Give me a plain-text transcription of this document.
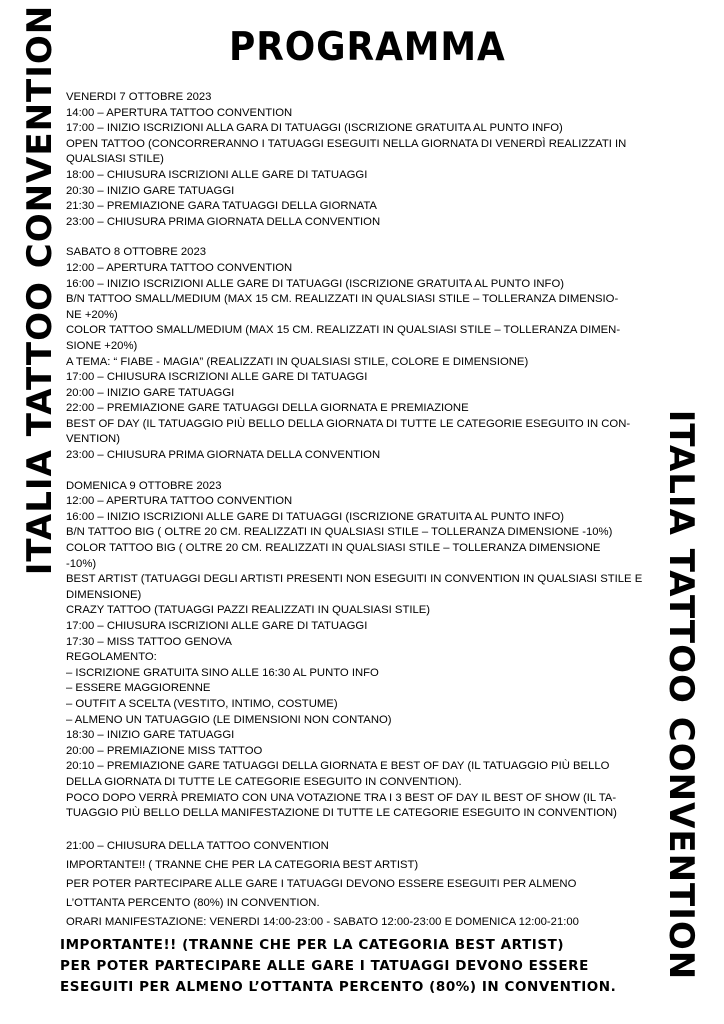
ITALIA TATTOO CONVENTION
ITALIA TATTOO CONVENTION
PROGRAMMA
VENERDI 7 OTTOBRE 2023
14:00 – APERTURA TATTOO CONVENTION
17:00 – INIZIO ISCRIZIONI ALLA GARA DI TATUAGGI (ISCRIZIONE GRATUITA AL PUNTO INFO)
OPEN TATTOO (CONCORRERANNO I TATUAGGI ESEGUITI NELLA GIORNATA DI VENERDÌ REALIZZATI IN
QUALSIASI STILE)
18:00 – CHIUSURA ISCRIZIONI ALLE GARE DI TATUAGGI
20:30 – INIZIO GARE TATUAGGI
21:30 – PREMIAZIONE GARA TATUAGGI DELLA GIORNATA
23:00 – CHIUSURA PRIMA GIORNATA DELLA CONVENTION
SABATO 8 OTTOBRE 2023
12:00 – APERTURA TATTOO CONVENTION
16:00 – INIZIO ISCRIZIONI ALLE GARE DI TATUAGGI (ISCRIZIONE GRATUITA AL PUNTO INFO)
B/N TATTOO SMALL/MEDIUM (MAX 15 CM. REALIZZATI IN QUALSIASI STILE – TOLLERANZA DIMENSIO-
NE +20%)
COLOR TATTOO SMALL/MEDIUM (MAX 15 CM. REALIZZATI IN QUALSIASI STILE – TOLLERANZA DIMEN-
SIONE +20%)
A TEMA: “ FIABE - MAGIA” (REALIZZATI IN QUALSIASI STILE, COLORE E DIMENSIONE)
17:00 – CHIUSURA ISCRIZIONI ALLE GARE DI TATUAGGI
20:00 – INIZIO GARE TATUAGGI
22:00 – PREMIAZIONE GARE TATUAGGI DELLA GIORNATA E PREMIAZIONE
BEST OF DAY (IL TATUAGGIO PIÙ BELLO DELLA GIORNATA DI TUTTE LE CATEGORIE ESEGUITO IN CON-
VENTION)
23:00 – CHIUSURA PRIMA GIORNATA DELLA CONVENTION
DOMENICA 9 OTTOBRE 2023
12:00 – APERTURA TATTOO CONVENTION
16:00 – INIZIO ISCRIZIONI ALLE GARE DI TATUAGGI (ISCRIZIONE GRATUITA AL PUNTO INFO)
B/N TATTOO BIG ( OLTRE 20 CM. REALIZZATI IN QUALSIASI STILE – TOLLERANZA DIMENSIONE -10%)
COLOR TATTOO BIG ( OLTRE 20 CM. REALIZZATI IN QUALSIASI STILE – TOLLERANZA DIMENSIONE
-10%)
BEST ARTIST (TATUAGGI DEGLI ARTISTI PRESENTI NON ESEGUITI IN CONVENTION IN QUALSIASI STILE E
DIMENSIONE)
CRAZY TATTOO (TATUAGGI PAZZI REALIZZATI IN QUALSIASI STILE)
17:00 – CHIUSURA ISCRIZIONI ALLE GARE DI TATUAGGI
17:30 – MISS TATTOO GENOVA
REGOLAMENTO:
– ISCRIZIONE GRATUITA SINO ALLE 16:30 AL PUNTO INFO
– ESSERE MAGGIORENNE
– OUTFIT A SCELTA (VESTITO, INTIMO, COSTUME)
– ALMENO UN TATUAGGIO (LE DIMENSIONI NON CONTANO)
18:30 – INIZIO GARE TATUAGGI
20:00 – PREMIAZIONE MISS TATTOO
20:10 – PREMIAZIONE GARE TATUAGGI DELLA GIORNATA E BEST OF DAY (IL TATUAGGIO PIÙ BELLO
DELLA GIORNATA DI TUTTE LE CATEGORIE ESEGUITO IN CONVENTION).
POCO DOPO VERRÀ PREMIATO CON UNA VOTAZIONE TRA I 3 BEST OF DAY IL BEST OF SHOW (IL TA-
TUAGGIO PIÙ BELLO DELLA MANIFESTAZIONE DI TUTTE LE CATEGORIE ESEGUITO IN CONVENTION)
21:00 – CHIUSURA DELLA TATTOO CONVENTION
IMPORTANTE!! ( TRANNE CHE PER LA CATEGORIA BEST ARTIST)
PER POTER PARTECIPARE ALLE GARE I TATUAGGI DEVONO ESSERE ESEGUITI PER ALMENO
L’OTTANTA PERCENTO (80%) IN CONVENTION.
ORARI MANIFESTAZIONE: VENERDI 14:00-23:00 - SABATO 12:00-23:00 E DOMENICA 12:00-21:00
IMPORTANTE!! (TRANNE CHE PER LA CATEGORIA BEST ARTIST)
PER POTER PARTECIPARE ALLE GARE I TATUAGGI DEVONO ESSERE
ESEGUITI PER ALMENO L’OTTANTA PERCENTO (80%) IN CONVENTION.
